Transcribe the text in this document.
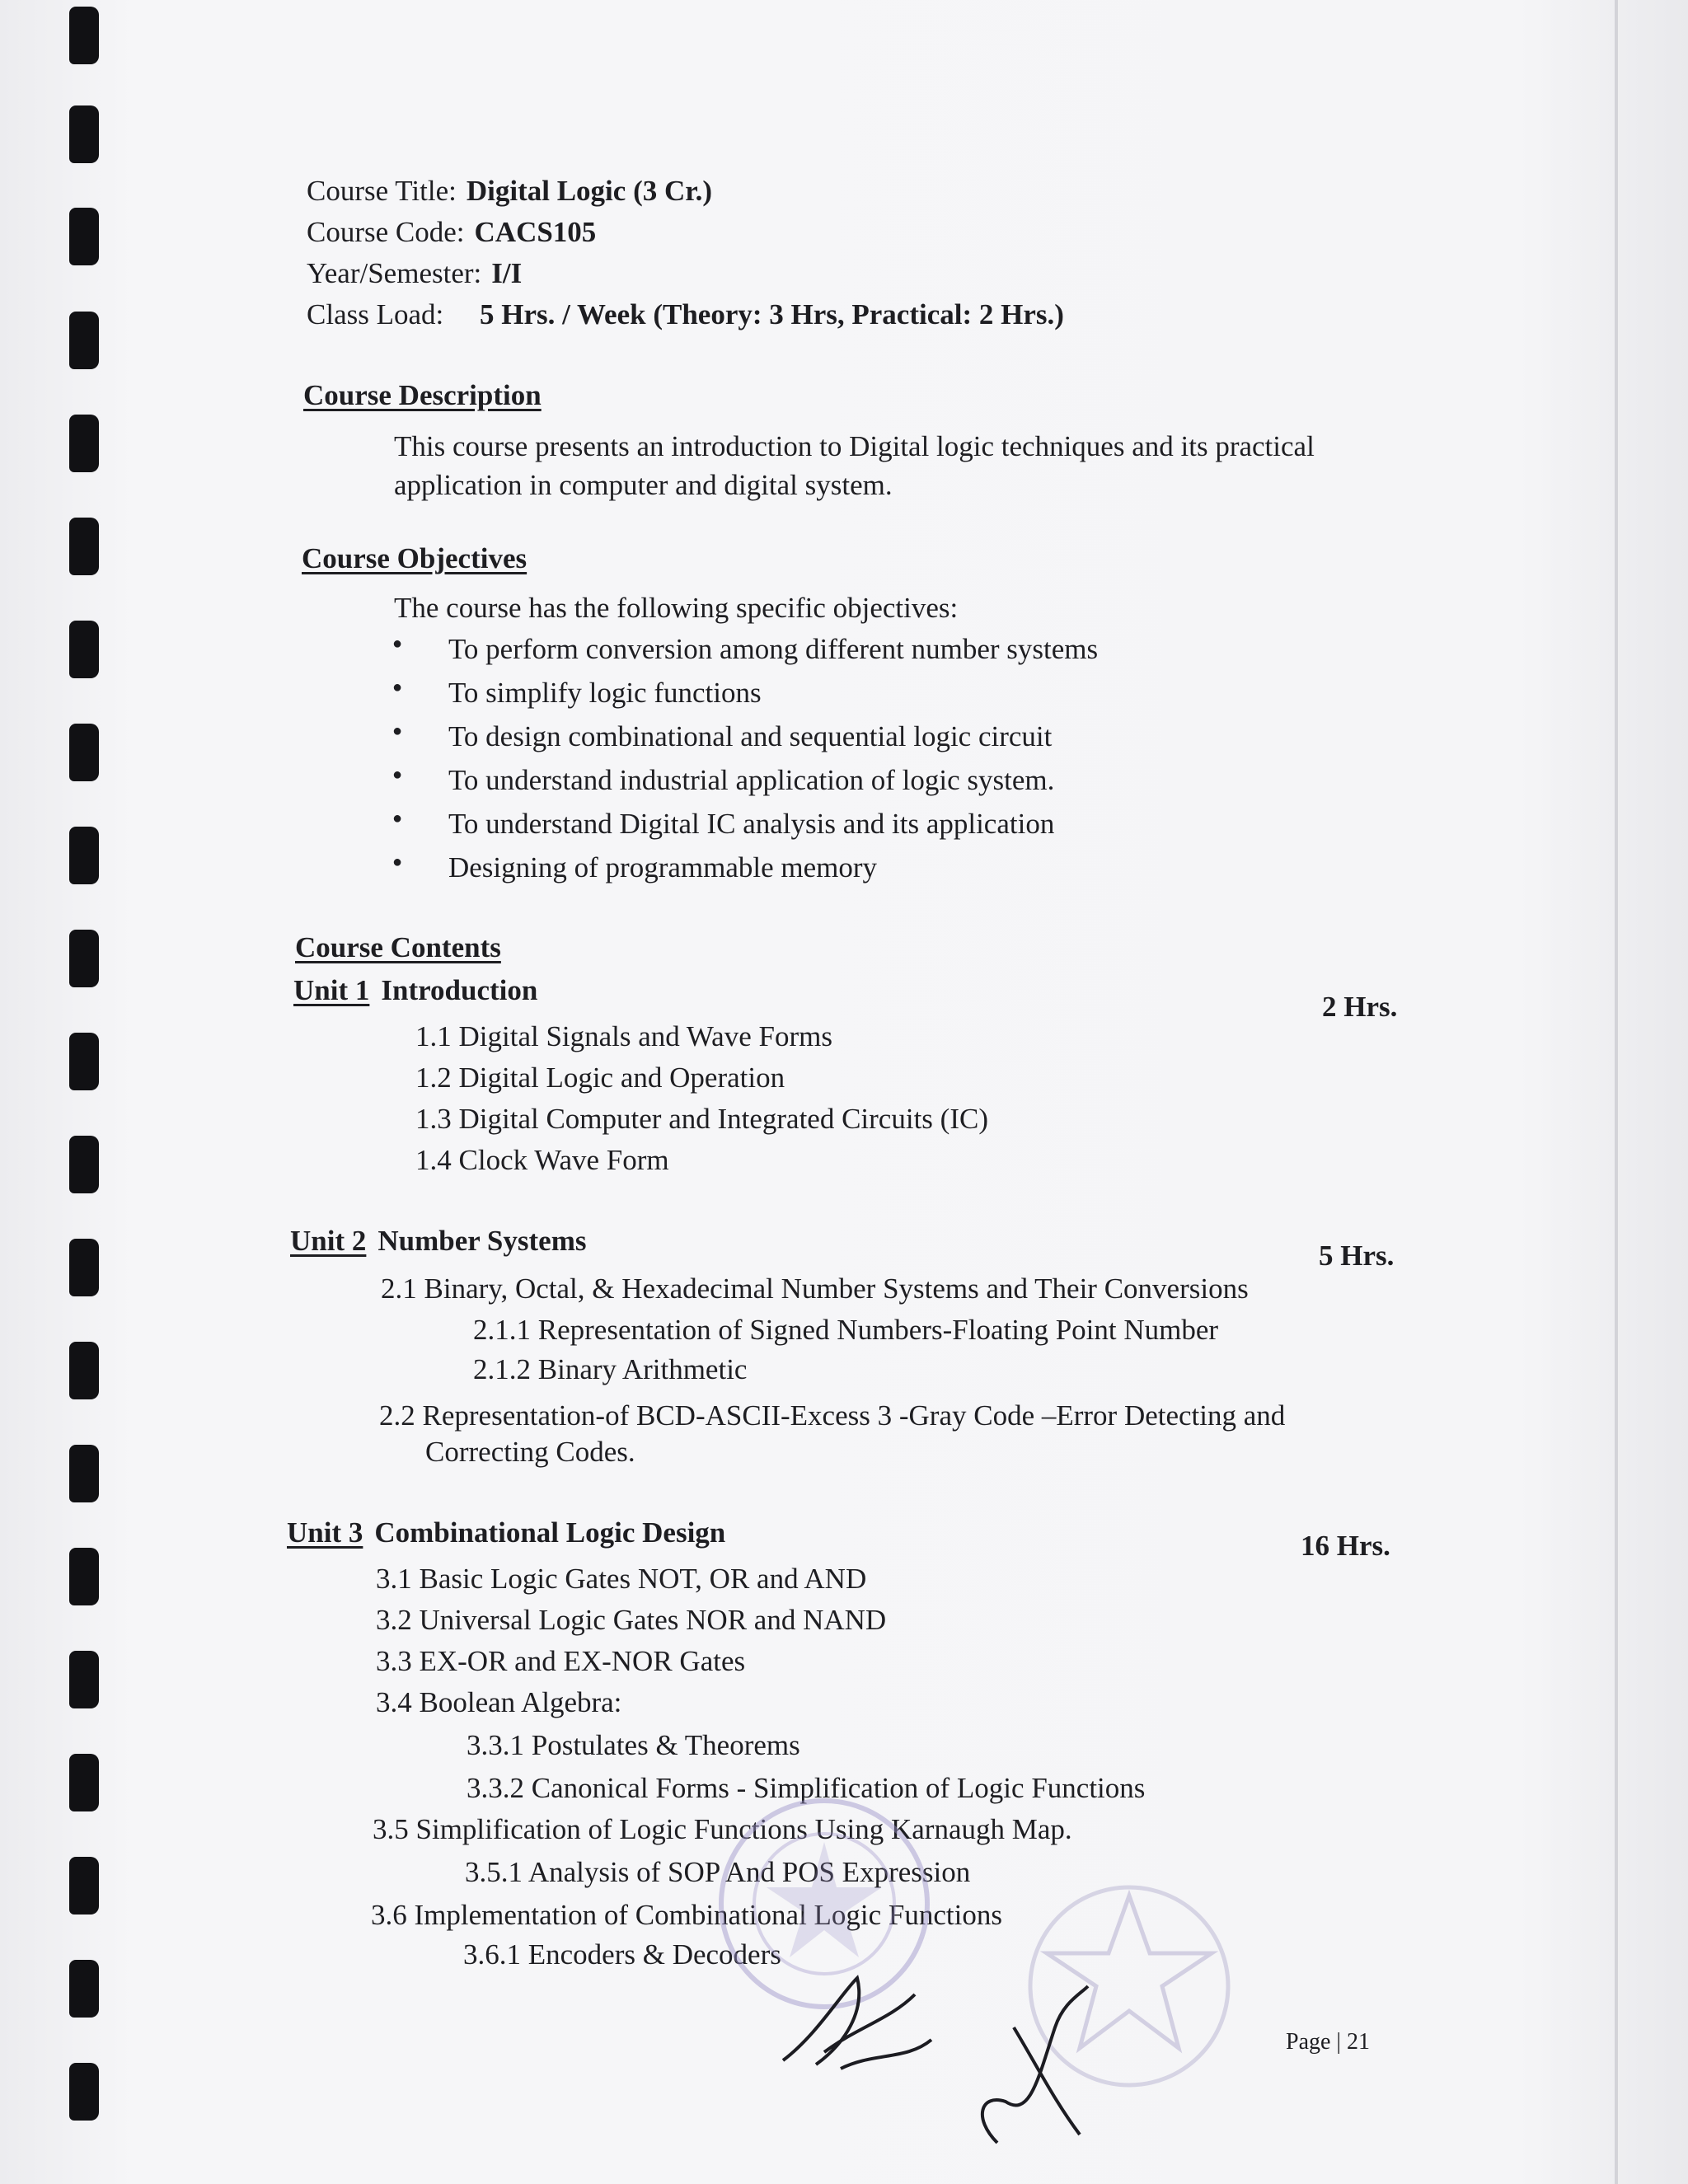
Course Title: Digital Logic (3 Cr.)
Course Code: CACS105
Year/Semester: I/I
Class Load: 5 Hrs. / Week (Theory: 3 Hrs, Practical: 2 Hrs.)
Course Description
This course presents an introduction to Digital logic techniques and its practical
application in computer and digital system.
Course Objectives
The course has the following specific objectives:
● To perform conversion among different number systems
● To simplify logic functions
● To design combinational and sequential logic circuit
● To understand industrial application of logic system.
● To understand Digital IC analysis and its application
● Designing of programmable memory
Course Contents
Unit 1 Introduction
2 Hrs.
1.1 Digital Signals and Wave Forms
1.2 Digital Logic and Operation
1.3 Digital Computer and Integrated Circuits (IC)
1.4 Clock Wave Form
Unit 2 Number Systems	5 Hrs.
2.1 Binary, Octal, & Hexadecimal Number Systems and Their Conversions
2.1.1 Representation of Signed Numbers-Floating Point Number
2.1.2 Binary Arithmetic
2.2 Representation-of BCD-ASCII-Excess 3 -Gray Code –Error Detecting and
Correcting Codes.
Unit 3 Combinational Logic Design	16 Hrs.
3.1 Basic Logic Gates NOT, OR and AND
3.2 Universal Logic Gates NOR and NAND
3.3 EX-OR and EX-NOR Gates
3.4 Boolean Algebra:
3.3.1 Postulates & Theorems
3.3.2 Canonical Forms - Simplification of Logic Functions
3.5 Simplification of Logic Functions Using Karnaugh Map.
3.5.1 Analysis of SOP And POS Expression
3.6 Implementation of Combinational Logic Functions
3.6.1 Encoders & Decoders
Page | 21
